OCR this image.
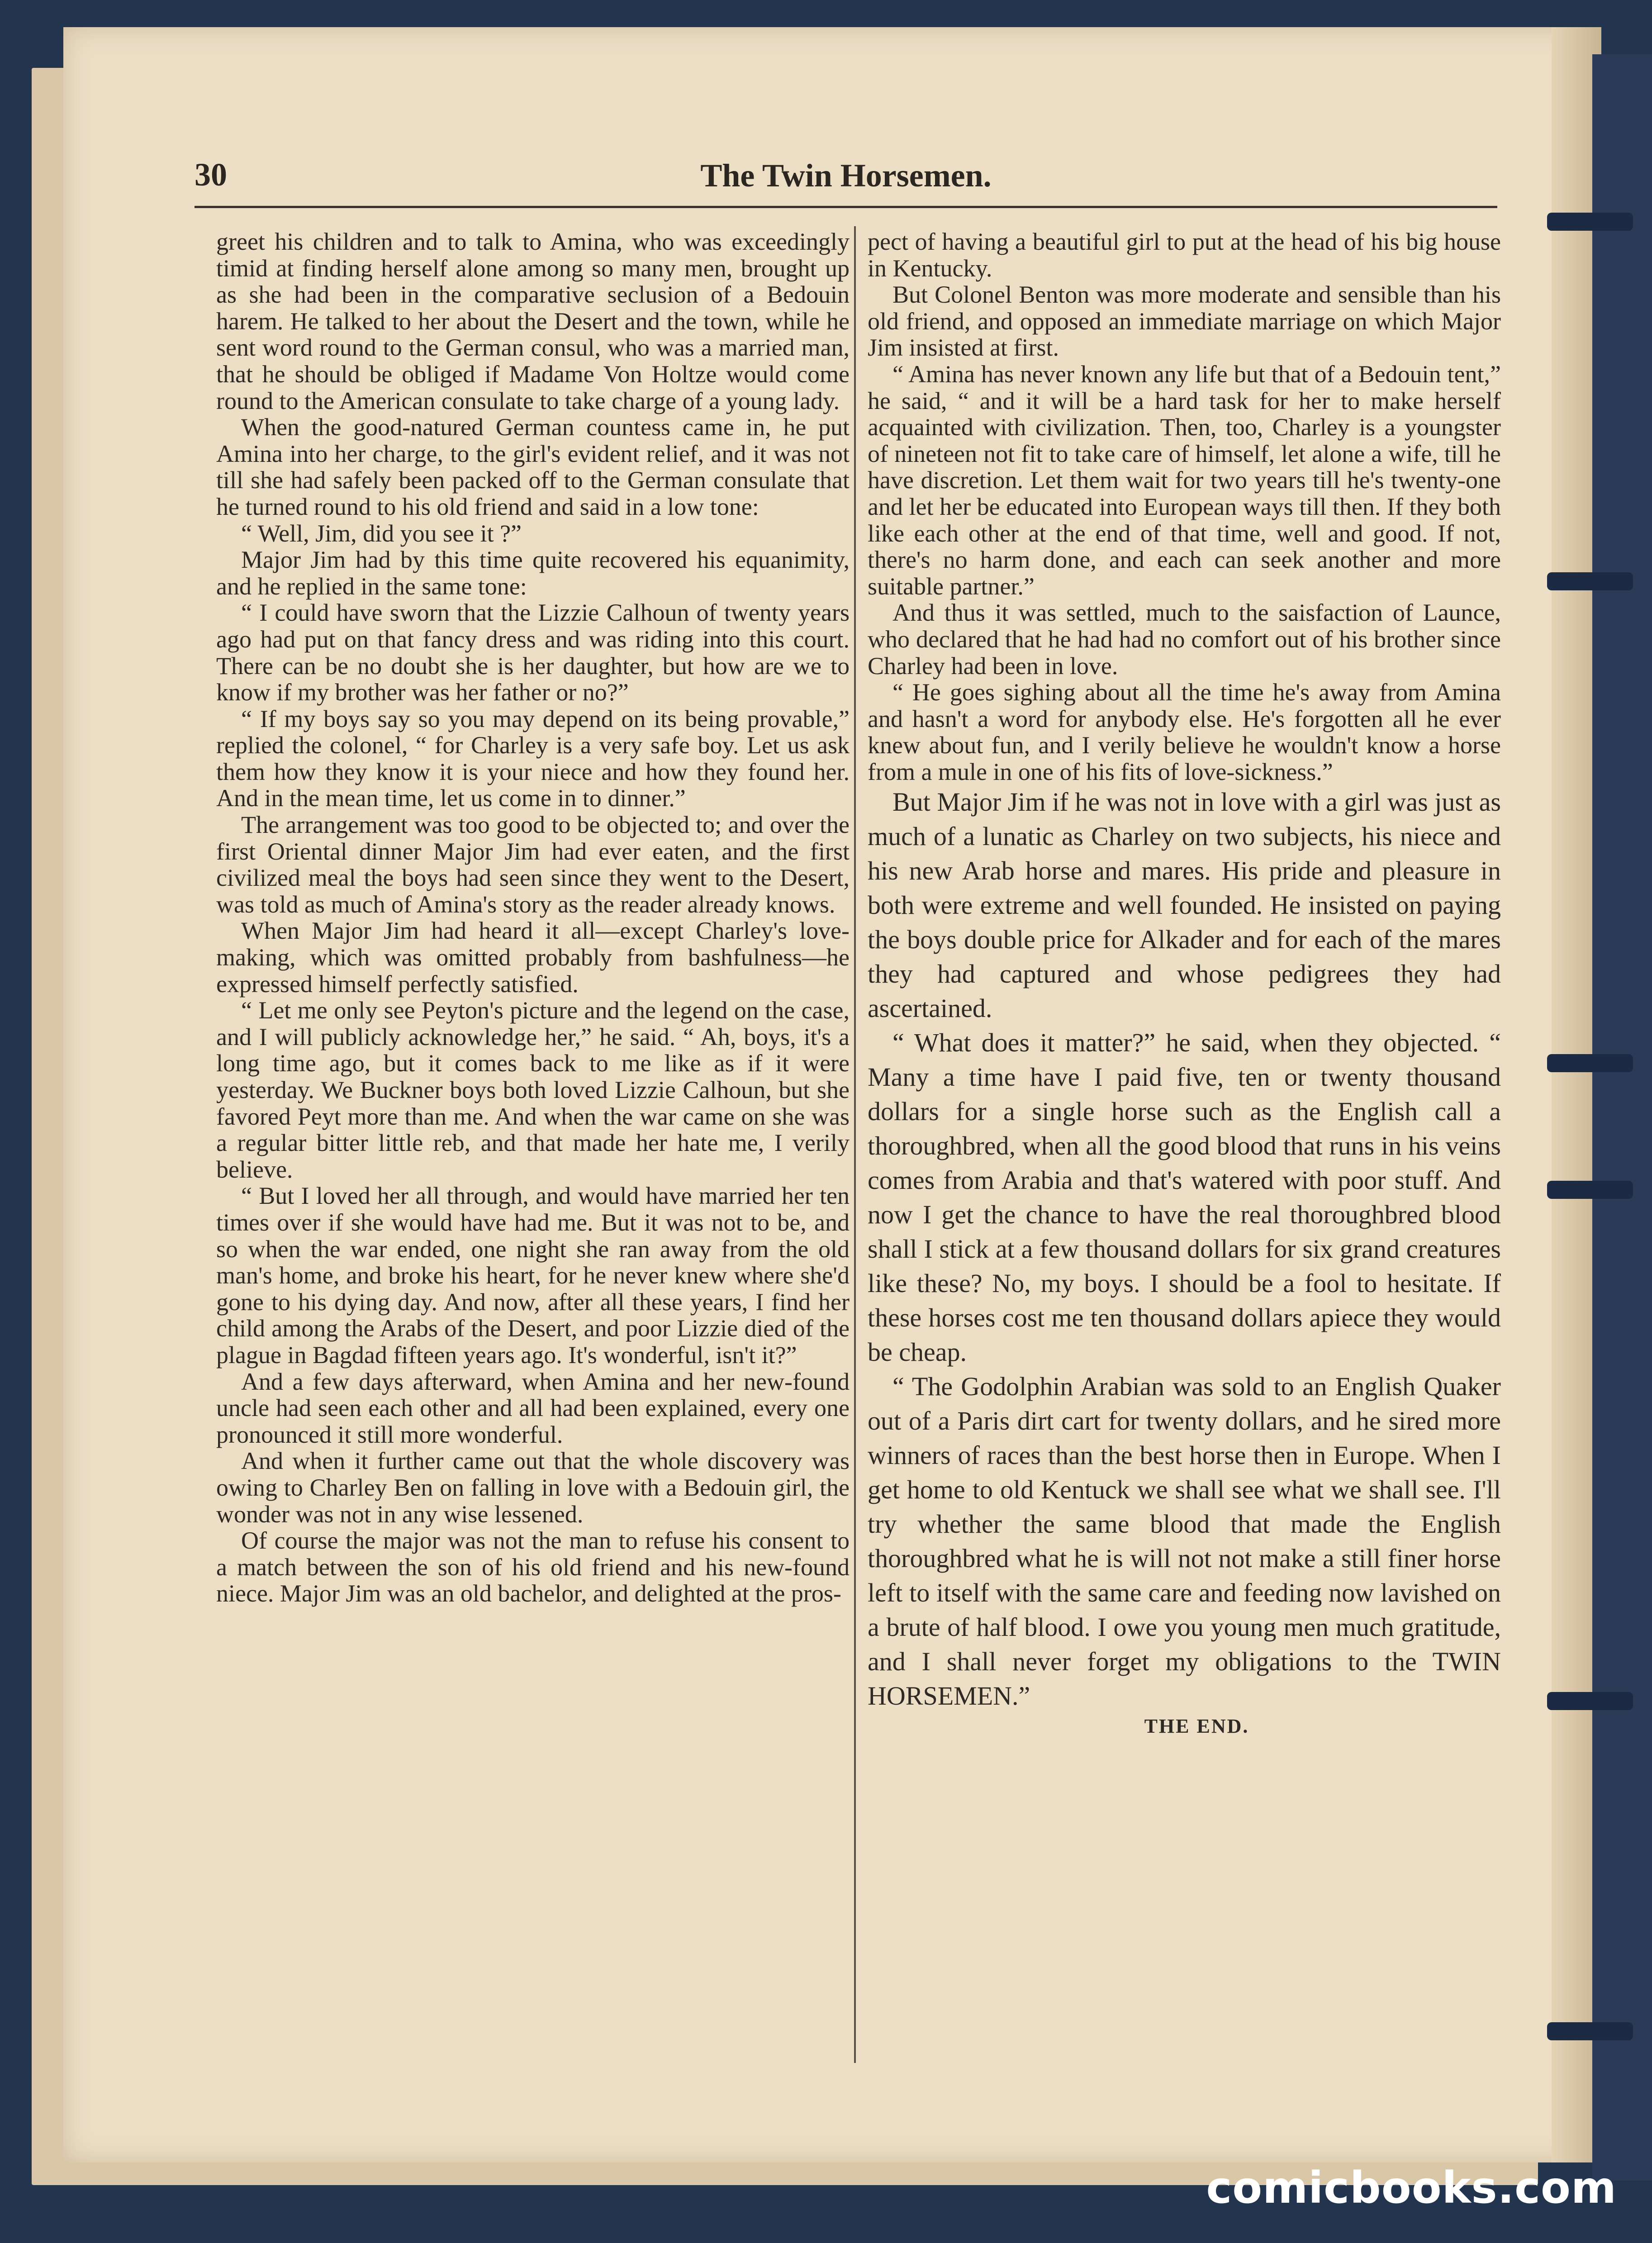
30	The Twin Horsemen.

greet his children and to talk to Amina, who was exceedingly timid at finding herself alone among so many men, brought up as she had been in the comparative seclusion of a Bedouin harem. He talked to her about the Desert and the town, while he sent word round to the German consul, who was a married man, that he should be obliged if Madame Von Holtze would come round to the American consulate to take charge of a young lady.

When the good-natured German countess came in, he put Amina into her charge, to the girl's evident relief, and it was not till she had safely been packed off to the German consulate that he turned round to his old friend and said in a low tone:

“ Well, Jim, did you see it ?”

Major Jim had by this time quite recovered his equanimity, and he replied in the same tone:

“ I could have sworn that the Lizzie Calhoun of twenty years ago had put on that fancy dress and was riding into this court. There can be no doubt she is her daughter, but how are we to know if my brother was her father or no?”

“ If my boys say so you may depend on its being provable,” replied the colonel, “ for Charley is a very safe boy. Let us ask them how they know it is your niece and how they found her. And in the mean time, let us come in to dinner.”

The arrangement was too good to be objected to; and over the first Oriental dinner Major Jim had ever eaten, and the first civilized meal the boys had seen since they went to the Desert, was told as much of Amina's story as the reader already knows.

When Major Jim had heard it all—except Charley's love-making, which was omitted probably from bashfulness—he expressed himself perfectly satisfied.

“ Let me only see Peyton's picture and the legend on the case, and I will publicly acknowledge her,” he said. “ Ah, boys, it's a long time ago, but it comes back to me like as if it were yesterday. We Buckner boys both loved Lizzie Calhoun, but she favored Peyt more than me. And when the war came on she was a regular bitter little reb, and that made her hate me, I verily believe.

“ But I loved her all through, and would have married her ten times over if she would have had me. But it was not to be, and so when the war ended, one night she ran away from the old man's home, and broke his heart, for he never knew where she'd gone to his dying day. And now, after all these years, I find her child among the Arabs of the Desert, and poor Lizzie died of the plague in Bagdad fifteen years ago. It's wonderful, isn't it?”

And a few days afterward, when Amina and her new-found uncle had seen each other and all had been explained, every one pronounced it still more wonderful.

And when it further came out that the whole discovery was owing to Charley Ben on falling in love with a Bedouin girl, the wonder was not in any wise lessened.

Of course the major was not the man to refuse his consent to a match between the son of his old friend and his new-found niece. Major Jim was an old bachelor, and delighted at the pros-

pect of having a beautiful girl to put at the head of his big house in Kentucky.

But Colonel Benton was more moderate and sensible than his old friend, and opposed an immediate marriage on which Major Jim insisted at first.

“ Amina has never known any life but that of a Bedouin tent,” he said, “ and it will be a hard task for her to make herself acquainted with civilization. Then, too, Charley is a youngster of nineteen not fit to take care of himself, let alone a wife, till he have discretion. Let them wait for two years till he's twenty-one and let her be educated into European ways till then. If they both like each other at the end of that time, well and good. If not, there's no harm done, and each can seek another and more suitable partner.”

And thus it was settled, much to the saisfaction of Launce, who declared that he had had no comfort out of his brother since Charley had been in love.

“ He goes sighing about all the time he's away from Amina and hasn't a word for anybody else. He's forgotten all he ever knew about fun, and I verily believe he wouldn't know a horse from a mule in one of his fits of love-sickness.”

But Major Jim if he was not in love with a girl was just as much of a lunatic as Charley on two subjects, his niece and his new Arab horse and mares. His pride and pleasure in both were extreme and well founded. He insisted on paying the boys double price for Alkader and for each of the mares they had captured and whose pedigrees they had ascertained.

“ What does it matter?” he said, when they objected. “ Many a time have I paid five, ten or twenty thousand dollars for a single horse such as the English call a thoroughbred, when all the good blood that runs in his veins comes from Arabia and that's watered with poor stuff. And now I get the chance to have the real thoroughbred blood shall I stick at a few thousand dollars for six grand creatures like these? No, my boys. I should be a fool to hesitate. If these horses cost me ten thousand dollars apiece they would be cheap.

“ The Godolphin Arabian was sold to an English Quaker out of a Paris dirt cart for twenty dollars, and he sired more winners of races than the best horse then in Europe. When I get home to old Kentuck we shall see what we shall see. I'll try whether the same blood that made the English thoroughbred what he is will not not make a still finer horse left to itself with the same care and feeding now lavished on a brute of half blood. I owe you young men much gratitude, and I shall never forget my obligations to the TWIN HORSEMEN.”

THE END.

comicbooks.com
